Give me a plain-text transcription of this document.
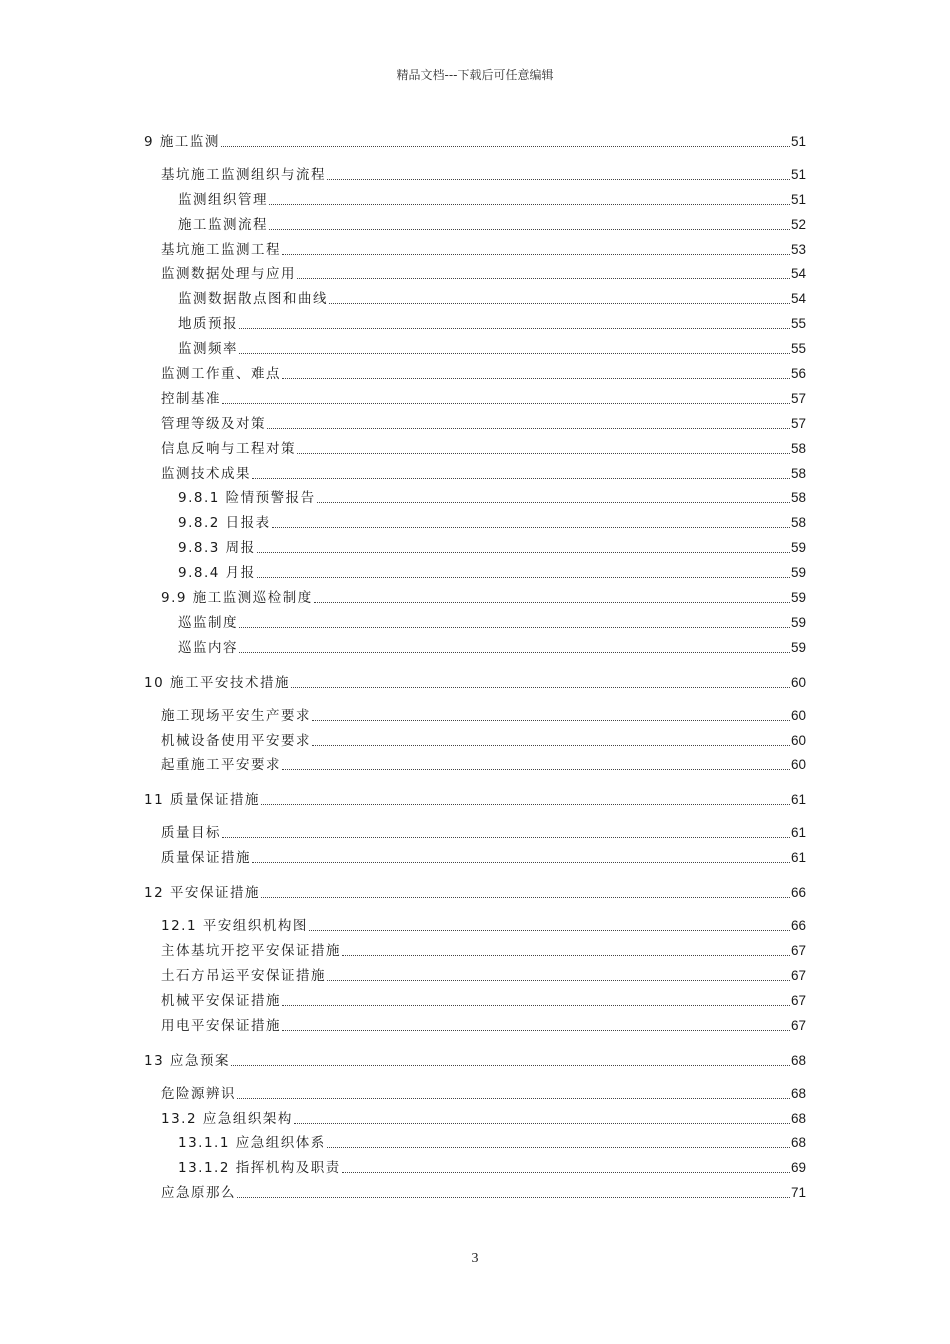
精品文档---下载后可任意编辑
9 施工监测	51
基坑施工监测组织与流程	51
监测组织管理	51
施工监测流程	52
基坑施工监测工程	53
监测数据处理与应用	54
监测数据散点图和曲线	54
地质预报	55
监测频率	55
监测工作重、难点	56
控制基准	57
管理等级及对策	57
信息反响与工程对策	58
监测技术成果	58
9.8.1 险情预警报告	58
9.8.2 日报表	58
9.8.3 周报	59
9.8.4 月报	59
9.9 施工监测巡检制度	59
巡监制度	59
巡监内容	59
10 施工平安技术措施	60
施工现场平安生产要求	60
机械设备使用平安要求	60
起重施工平安要求	60
11 质量保证措施	61
质量目标	61
质量保证措施	61
12 平安保证措施	66
12.1 平安组织机构图	66
主体基坑开挖平安保证措施	67
土石方吊运平安保证措施	67
机械平安保证措施	67
用电平安保证措施	67
13 应急预案	68
危险源辨识	68
13.2 应急组织架构	68
13.1.1 应急组织体系	68
13.1.2 指挥机构及职责	69
应急原那么	71
3
